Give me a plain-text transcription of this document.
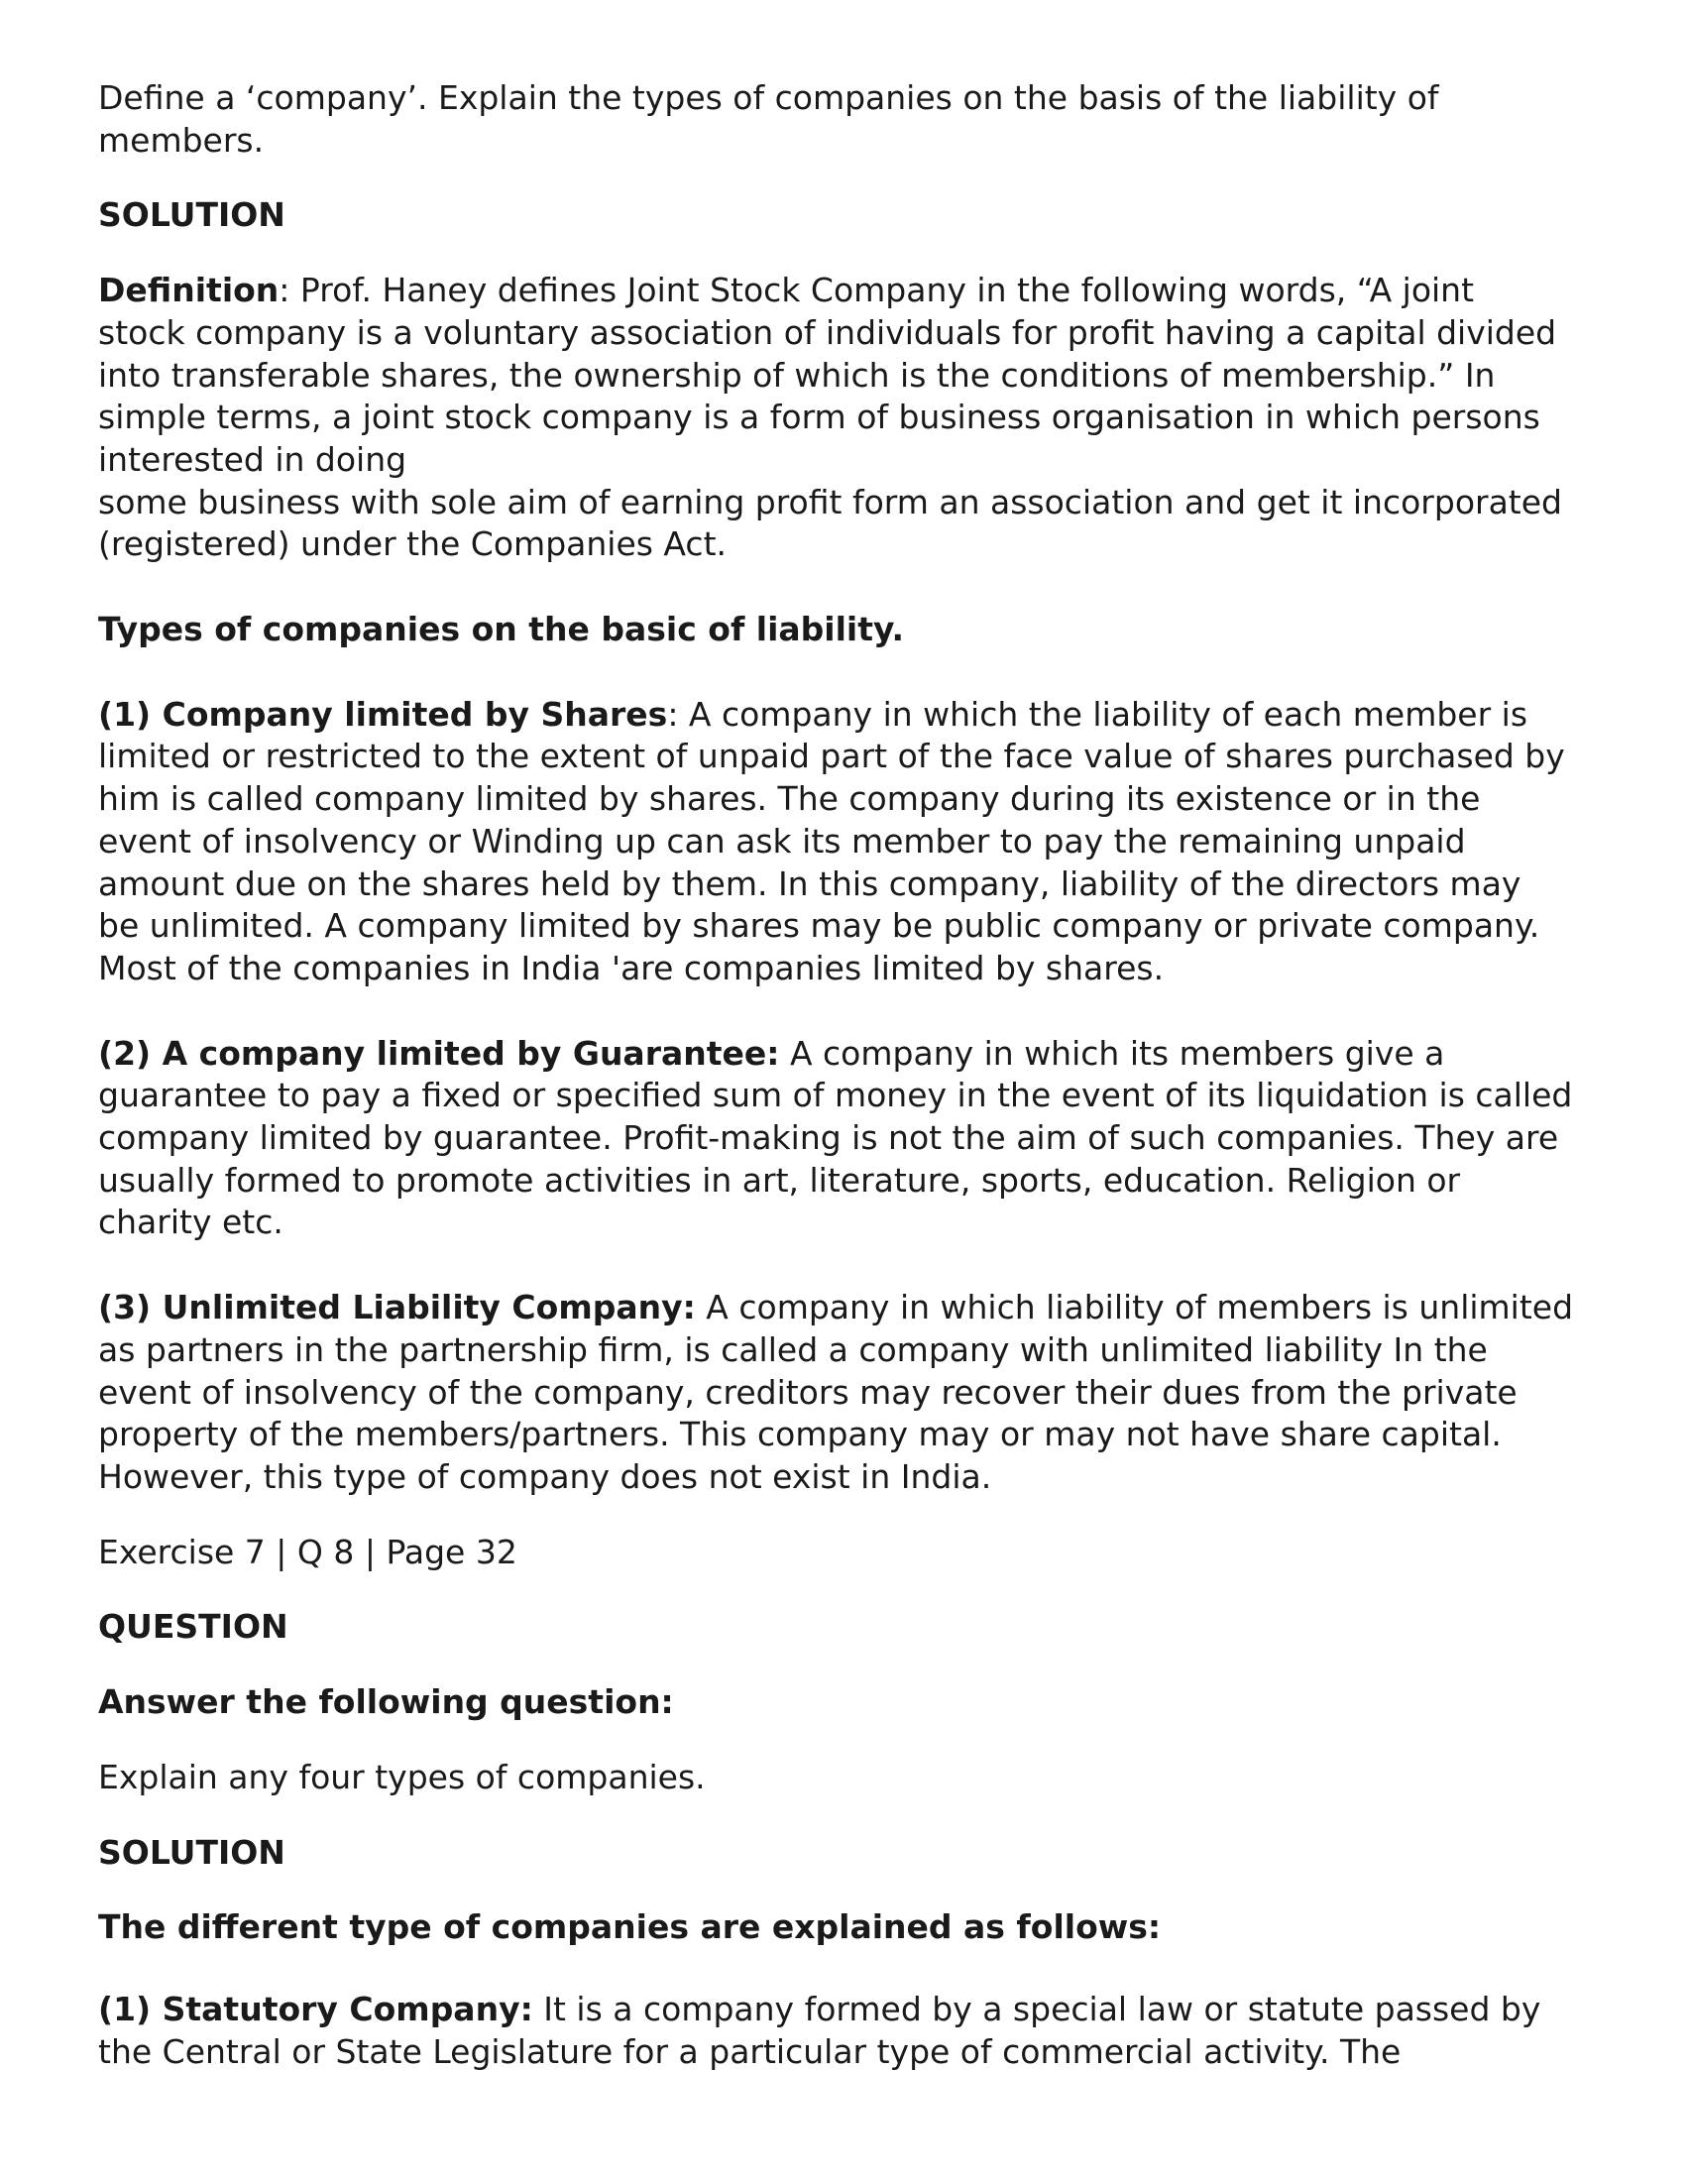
Define a ‘company’. Explain the types of companies on the basis of the liability of
members.
SOLUTION
Definition: Prof. Haney defines Joint Stock Company in the following words, “A joint
stock company is a voluntary association of individuals for profit having a capital divided
into transferable shares, the ownership of which is the conditions of membership.” In
simple terms, a joint stock company is a form of business organisation in which persons
interested in doing
some business with sole aim of earning profit form an association and get it incorporated
(registered) under the Companies Act.
Types of companies on the basic of liability.
(1) Company limited by Shares: A company in which the liability of each member is
limited or restricted to the extent of unpaid part of the face value of shares purchased by
him is called company limited by shares. The company during its existence or in the
event of insolvency or Winding up can ask its member to pay the remaining unpaid
amount due on the shares held by them. In this company, liability of the directors may
be unlimited. A company limited by shares may be public company or private company.
Most of the companies in India 'are companies limited by shares.
(2) A company limited by Guarantee: A company in which its members give a
guarantee to pay a fixed or specified sum of money in the event of its liquidation is called
company limited by guarantee. Profit-making is not the aim of such companies. They are
usually formed to promote activities in art, literature, sports, education. Religion or
charity etc.
(3) Unlimited Liability Company: A company in which liability of members is unlimited
as partners in the partnership firm, is called a company with unlimited liability In the
event of insolvency of the company, creditors may recover their dues from the private
property of the members/partners. This company may or may not have share capital.
However, this type of company does not exist in India.
Exercise 7 | Q 8 | Page 32
QUESTION
Answer the following question:
Explain any four types of companies.
SOLUTION
The different type of companies are explained as follows:
(1) Statutory Company: It is a company formed by a special law or statute passed by
the Central or State Legislature for a particular type of commercial activity. The
